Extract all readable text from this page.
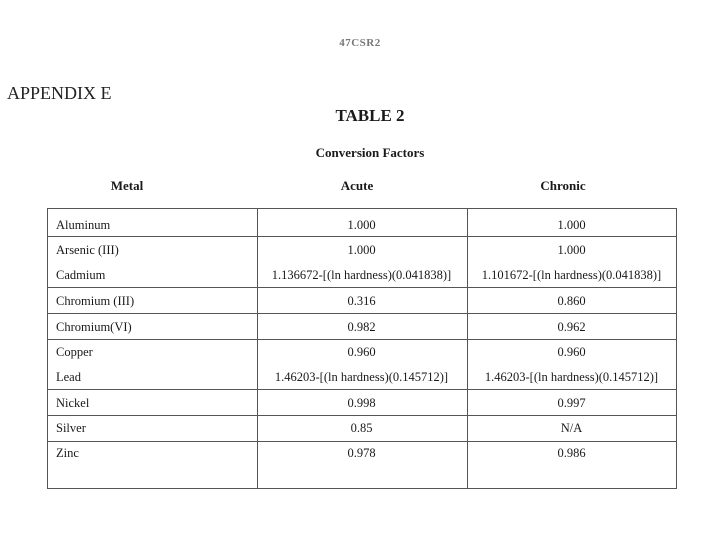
47CSR2
APPENDIX E
TABLE 2
Conversion Factors
Metal	Acute	Chronic
Aluminum	1.000	1.000
Arsenic (III)	1.000	1.000
Cadmium	1.136672-[(ln hardness)(0.041838)]	1.101672-[(ln hardness)(0.041838)]
Chromium (III)	0.316	0.860
Chromium(VI)	0.982	0.962
Copper	0.960	0.960
Lead	1.46203-[(ln hardness)(0.145712)]	1.46203-[(ln hardness)(0.145712)]
Nickel	0.998	0.997
Silver	0.85	N/A
Zinc	0.978	0.986
